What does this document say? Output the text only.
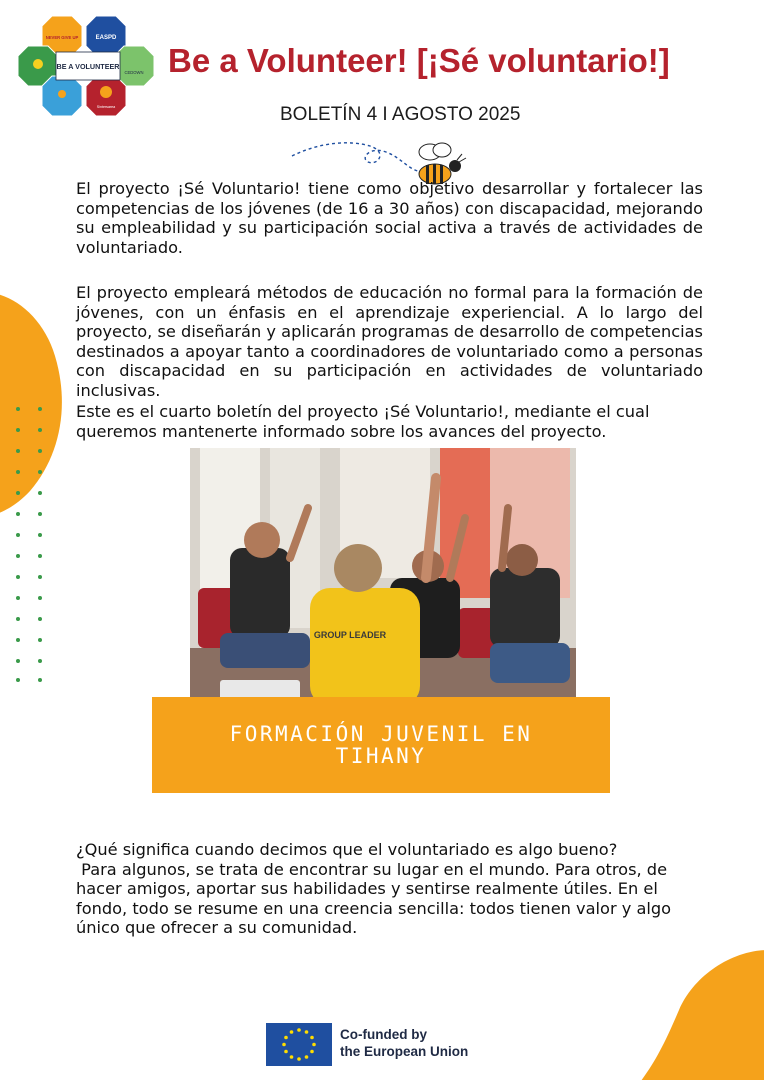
BE A VOLUNTEER
NEVER GIVE UP	EASPD
CEDOWN
Sintersarea
Be a Volunteer! [¡Sé voluntario!]
BOLETÍN 4 I AGOSTO 2025

El proyecto ¡Sé Voluntario! tiene como objetivo desarrollar y fortalecer las competencias de los jóvenes (de 16 a 30 años) con discapacidad, mejorando su empleabilidad y su participación social activa a través de actividades de voluntariado.

El proyecto empleará métodos de educación no formal para la formación de jóvenes, con un énfasis en el aprendizaje experiencial. A lo largo del proyecto, se diseñarán y aplicarán programas de desarrollo de competencias destinados a apoyar tanto a coordinadores de voluntariado como a personas con discapacidad en su participación en actividades de voluntariado inclusivas.

Este es el cuarto boletín del proyecto ¡Sé Voluntario!, mediante el cual queremos mantenerte informado sobre los avances del proyecto.

GROUP LEADER
FORMACIÓN JUVENIL EN TIHANY
¿Qué significa cuando decimos que el voluntariado es algo bueno?
Para algunos, se trata de encontrar su lugar en el mundo. Para otros, de hacer amigos, aportar sus habilidades y sentirse realmente útiles. En el fondo, todo se resume en una creencia sencilla: todos tienen valor y algo único que ofrecer a su comunidad.
Co-funded by
the European Union
